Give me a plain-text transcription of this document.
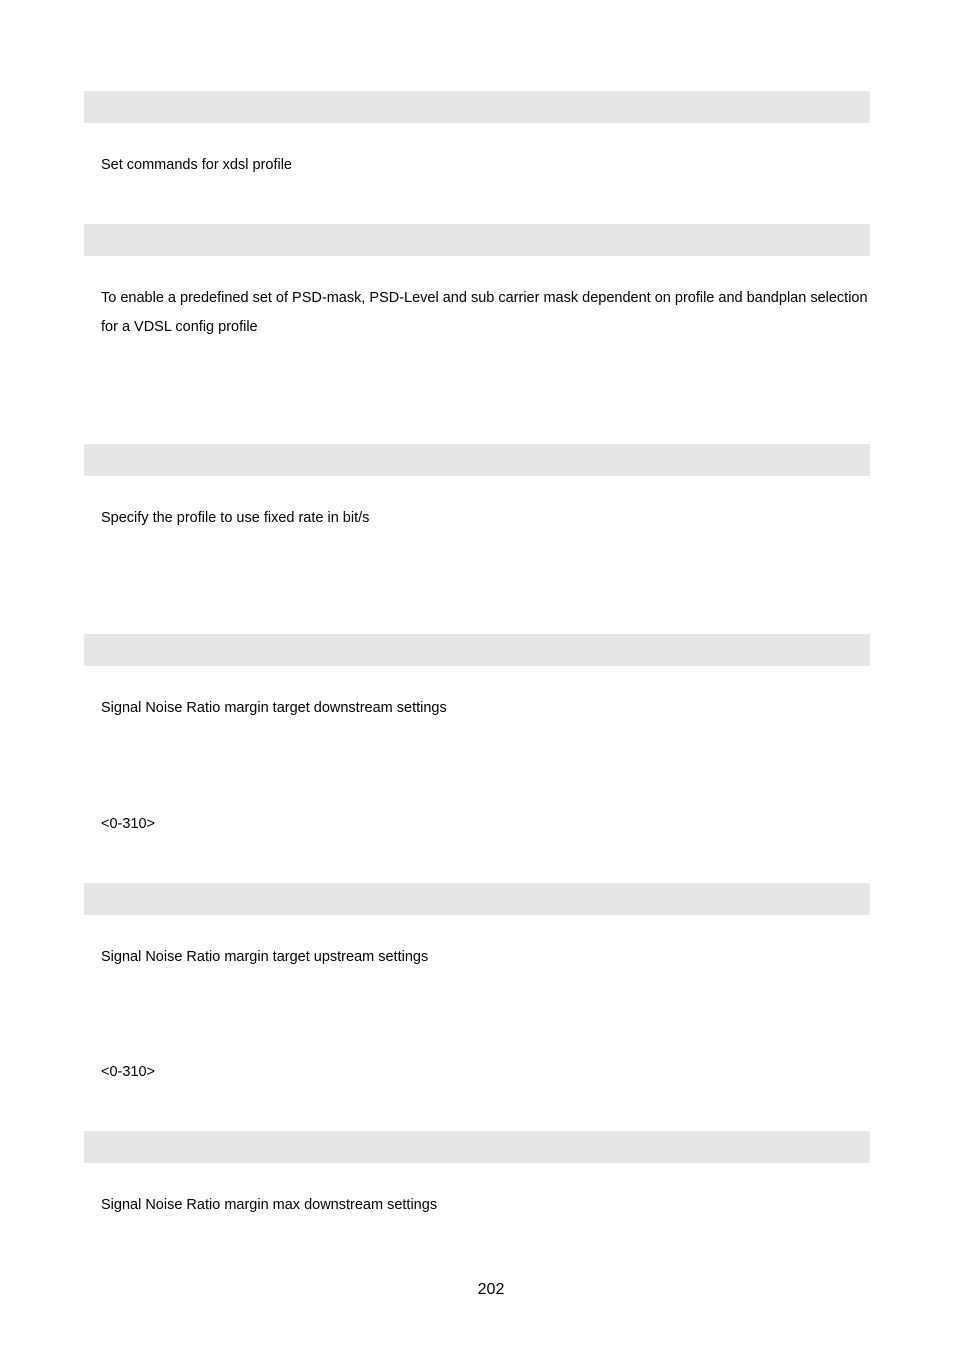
Set commands for xdsl profile
To enable a predefined set of PSD-mask, PSD-Level and sub carrier mask dependent on profile and bandplan selection for a VDSL config profile
Specify the profile to use fixed rate in bit/s
Signal Noise Ratio margin target downstream settings
<0-310>
Signal Noise Ratio margin target upstream settings
<0-310>
Signal Noise Ratio margin max downstream settings
202
